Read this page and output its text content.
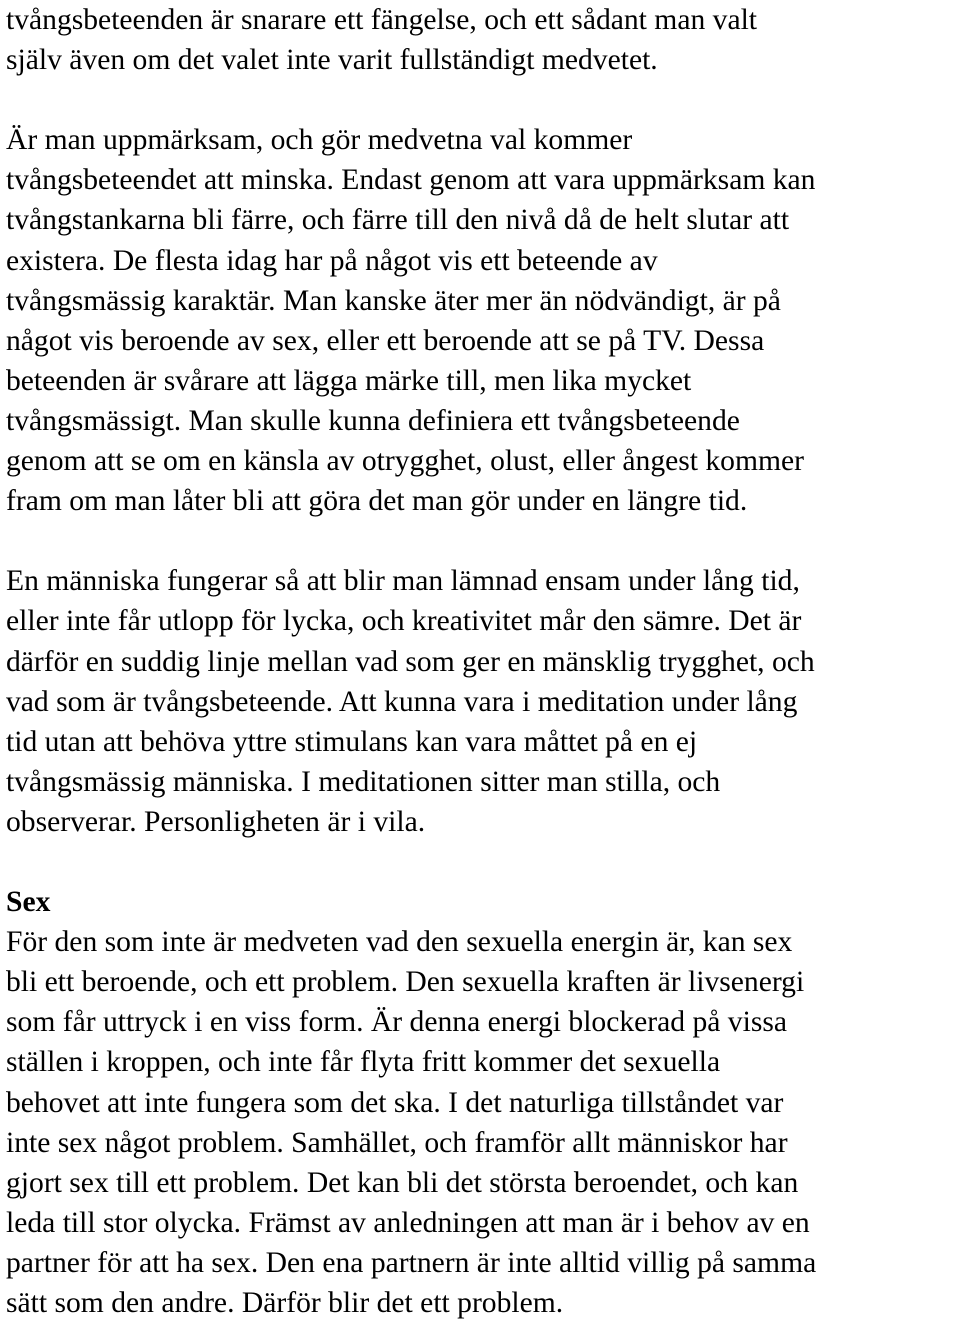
tvångsbeteenden är snarare ett fängelse, och ett sådant man valt
själv även om det valet inte varit fullständigt medvetet.
Är man uppmärksam, och gör medvetna val kommer
tvångsbeteendet att minska. Endast genom att vara uppmärksam kan
tvångstankarna bli färre, och färre till den nivå då de helt slutar att
existera. De flesta idag har på något vis ett beteende av
tvångsmässig karaktär. Man kanske äter mer än nödvändigt, är på
något vis beroende av sex, eller ett beroende att se på TV. Dessa
beteenden är svårare att lägga märke till, men lika mycket
tvångsmässigt. Man skulle kunna definiera ett tvångsbeteende
genom att se om en känsla av otrygghet, olust, eller ångest kommer
fram om man låter bli att göra det man gör under en längre tid.
En människa fungerar så att blir man lämnad ensam under lång tid,
eller inte får utlopp för lycka, och kreativitet mår den sämre. Det är
därför en suddig linje mellan vad som ger en mänsklig trygghet, och
vad som är tvångsbeteende. Att kunna vara i meditation under lång
tid utan att behöva yttre stimulans kan vara måttet på en ej
tvångsmässig människa. I meditationen sitter man stilla, och
observerar. Personligheten är i vila.
Sex
För den som inte är medveten vad den sexuella energin är, kan sex
bli ett beroende, och ett problem. Den sexuella kraften är livsenergi
som får uttryck i en viss form. Är denna energi blockerad på vissa
ställen i kroppen, och inte får flyta fritt kommer det sexuella
behovet att inte fungera som det ska. I det naturliga tillståndet var
inte sex något problem. Samhället, och framför allt människor har
gjort sex till ett problem. Det kan bli det största beroendet, och kan
leda till stor olycka. Främst av anledningen att man är i behov av en
partner för att ha sex. Den ena partnern är inte alltid villig på samma
sätt som den andre. Därför blir det ett problem.
